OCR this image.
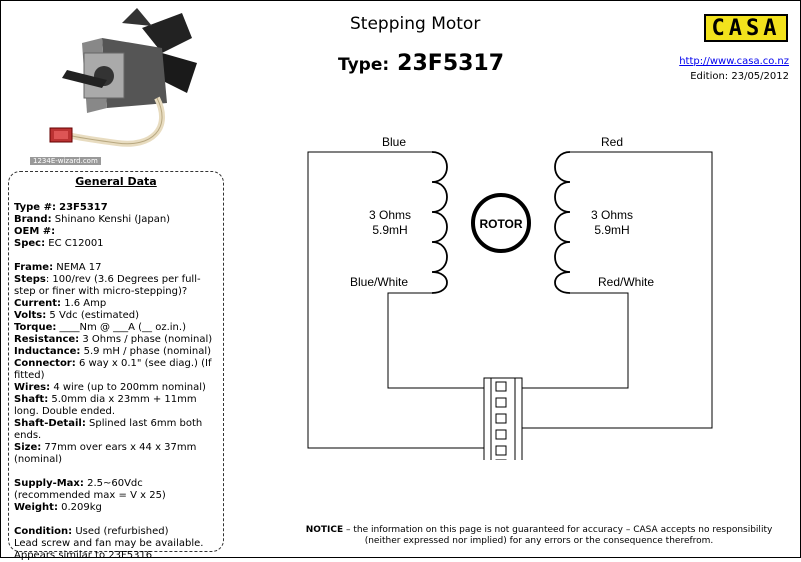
1234E-wizard.com
Stepping Motor
Type: 23F5317
CASA
http://www.casa.co.nz
Edition: 23/05/2012
General Data

Type #: 23F5317

Brand: Shinano Kenshi (Japan)

OEM #:

Spec: EC C12001

Frame: NEMA 17

Steps: 100/rev (3.6 Degrees per full-step or finer with micro-stepping)?

Current: 1.6 Amp

Volts: 5 Vdc (estimated)

Torque: ____Nm @ ___A (__ oz.in.)

Resistance: 3 Ohms / phase (nominal)

Inductance: 5.9 mH / phase (nominal)

Connector: 6 way x 0.1" (see diag.) (If fitted)

Wires: 4 wire (up to 200mm nominal)

Shaft: 5.0mm dia x 23mm + 11mm long. Double ended.

Shaft-Detail: Splined last 6mm both ends.

Size: 77mm over ears x 44 x 37mm (nominal)

Supply-Max: 2.5~60Vdc (recommended max = V x 25)

Weight: 0.209kg

Condition: Used (refurbished)

Lead screw and fan may be available.

Appears similar to 23F5316

ROTOR
Blue
Blue/White
Red
Red/White
3 Ohms
5.9mH
3 Ohms
5.9mH
NOTICE – the information on this page is not guaranteed for accuracy – CASA accepts no responsibility
(neither expressed nor implied) for any errors or the consequence therefrom.
